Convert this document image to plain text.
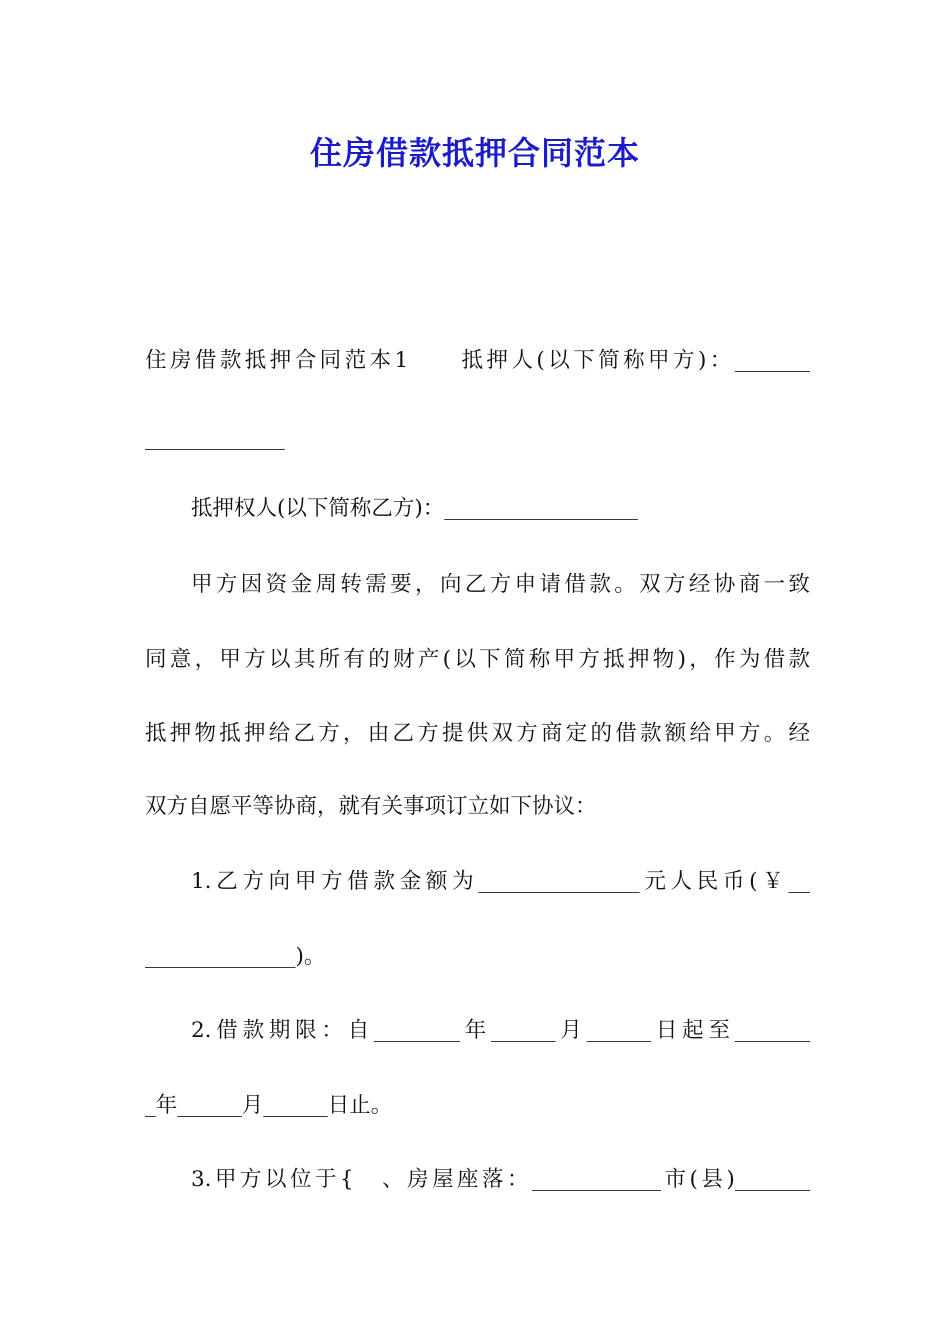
住房借款抵押合同范本
住房借款抵押合同范本1　　抵押人(以下简称甲方)：_______
_____________
抵押权人(以下简称乙方)：__________________
甲方因资金周转需要，向乙方申请借款。双方经协商一致
同意，甲方以其所有的财产(以下简称甲方抵押物)，作为借款
抵押物抵押给乙方，由乙方提供双方商定的借款额给甲方。经
双方自愿平等协商，就有关事项订立如下协议：
1.乙方向甲方借款金额为_______________元人民币(￥__
______________)。
2.借款期限：自________年______月______日起至_______
_年______月______日止。
3.甲方以位于{　、房屋座落：____________市(县)_______
